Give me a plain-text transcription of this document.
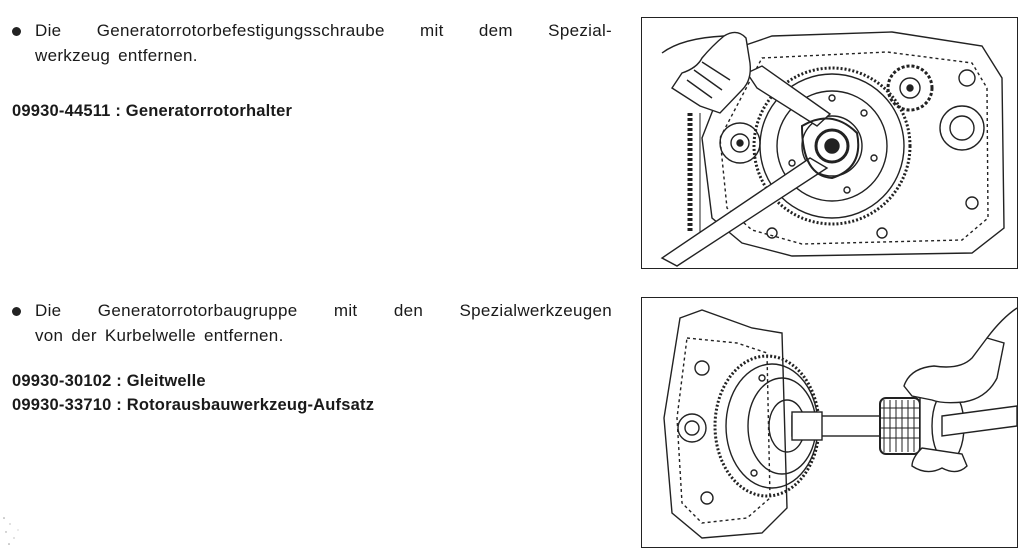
Die Generatorrotorbefestigungsschraube mit dem Spezial-
werkzeug entfernen.
09930-44511 : Generatorrotorhalter
Die Generatorrotorbaugruppe mit den Spezialwerkzeugen
von der Kurbelwelle entfernen.
09930-30102 : Gleitwelle
09930-33710 : Rotorausbauwerkzeug-Aufsatz
